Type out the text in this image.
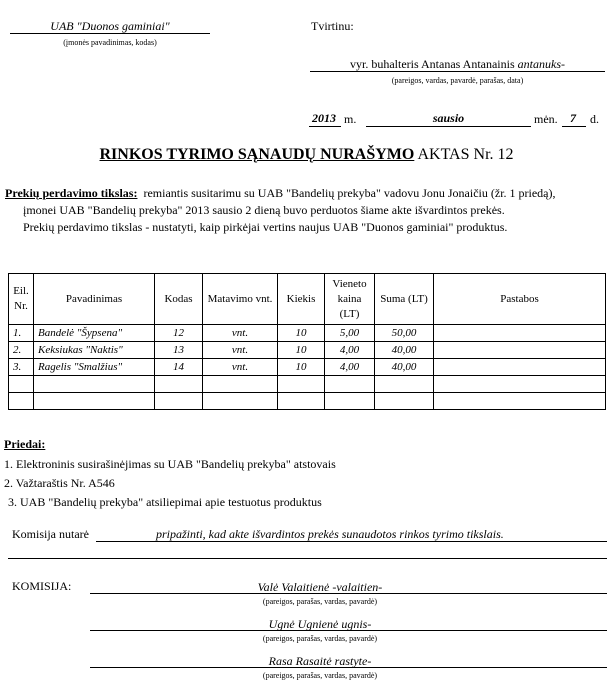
UAB "Duonos gaminiai"
(įmonės pavadinimas, kodas)
Tvirtinu:
vyr. buhalteris Antanas Antanainis antanuks-
(pareigos, vardas, pavardė, parašas, data)
2013 m.	sausio	mėn.	7	d.
RINKOS TYRIMO SĄNAUDŲ NURAŠYMO AKTAS Nr. 12
Prekių perdavimo tikslas: remiantis susitarimu su UAB "Bandelių prekyba" vadovu Jonu Jonaičiu (žr. 1 priedą),
įmonei UAB "Bandelių prekyba" 2013 sausio 2 dieną buvo perduotos šiame akte išvardintos prekės.
Prekių perdavimo tikslas - nustatyti, kaip pirkėjai vertins naujus UAB "Duonos gaminiai" produktus.
Eil. Nr.	Pavadinimas	Kodas	Matavimo vnt.	Kiekis	Vieneto kaina (LT)	Suma (LT)	Pastabos
1.	Bandelė "Šypsena"	12	vnt.	10	5,00	50,00	
2.	Keksiukas "Naktis"	13	vnt.	10	4,00	40,00	
3.	Ragelis "Smalžius"	14	vnt.	10	4,00	40,00	

Priedai:
1. Elektroninis susirašinėjimas su UAB "Bandelių prekyba" atstovais
2. Važtaraštis Nr. A546
3. UAB "Bandelių prekyba" atsiliepimai apie testuotus produktus
Komisija nutarė	pripažinti, kad akte išvardintos prekės sunaudotos rinkos tyrimo tikslais.
KOMISIJA:	Valė Valaitienė -valaitien-
(pareigos, parašas, vardas, pavardė)
Ugnė Ugnienė ugnis-
(pareigos, parašas, vardas, pavardė)
Rasa Rasaitė rastyte-
(pareigos, parašas, vardas, pavardė)
